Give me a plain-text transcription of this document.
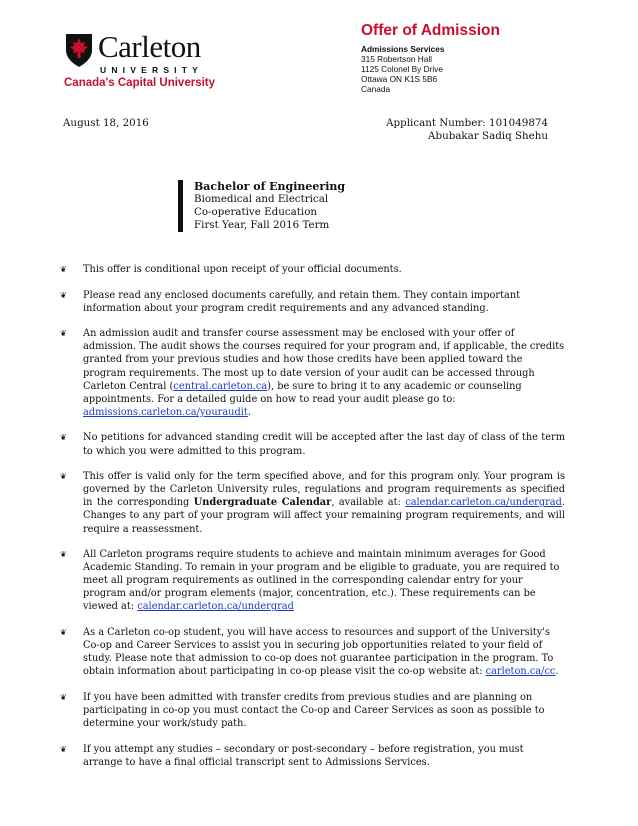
Carleton
UNIVERSITY
Canada's Capital University
Offer of Admission
Admissions Services
315 Robertson Hall
1125 Colonel By Drive
Ottawa ON K1S 5B6
Canada
August 18, 2016	Applicant Number: 101049874
Abubakar Sadiq Shehu
Bachelor of Engineering
Biomedical and Electrical
Co-operative Education
First Year, Fall 2016 Term
❦ This offer is conditional upon receipt of your official documents.
❦ Please read any enclosed documents carefully, and retain them. They contain important information about your program credit requirements and any advanced standing.
❦ An admission audit and transfer course assessment may be enclosed with your offer of admission. The audit shows the courses required for your program and, if applicable, the credits granted from your previous studies and how those credits have been applied toward the program requirements. The most up to date version of your audit can be accessed through Carleton Central (central.carleton.ca), be sure to bring it to any academic or counseling appointments. For a detailed guide on how to read your audit please go to: admissions.carleton.ca/youraudit.
❦ No petitions for advanced standing credit will be accepted after the last day of class of the term to which you were admitted to this program.
❦ This offer is valid only for the term specified above, and for this program only. Your program is governed by the Carleton University rules, regulations and program requirements as specified in the corresponding Undergraduate Calendar, available at: calendar.carleton.ca/undergrad. Changes to any part of your program will affect your remaining program requirements, and will require a reassessment.
❦ All Carleton programs require students to achieve and maintain minimum averages for Good Academic Standing. To remain in your program and be eligible to graduate, you are required to meet all program requirements as outlined in the corresponding calendar entry for your program and/or program elements (major, concentration, etc.). These requirements can be viewed at: calendar.carleton.ca/undergrad
❦ As a Carleton co-op student, you will have access to resources and support of the University's Co-op and Career Services to assist you in securing job opportunities related to your field of study. Please note that admission to co-op does not guarantee participation in the program. To obtain information about participating in co-op please visit the co-op website at: carleton.ca/cc.
❦ If you have been admitted with transfer credits from previous studies and are planning on participating in co-op you must contact the Co-op and Career Services as soon as possible to determine your work/study path.
❦ If you attempt any studies – secondary or post-secondary – before registration, you must arrange to have a final official transcript sent to Admissions Services.
